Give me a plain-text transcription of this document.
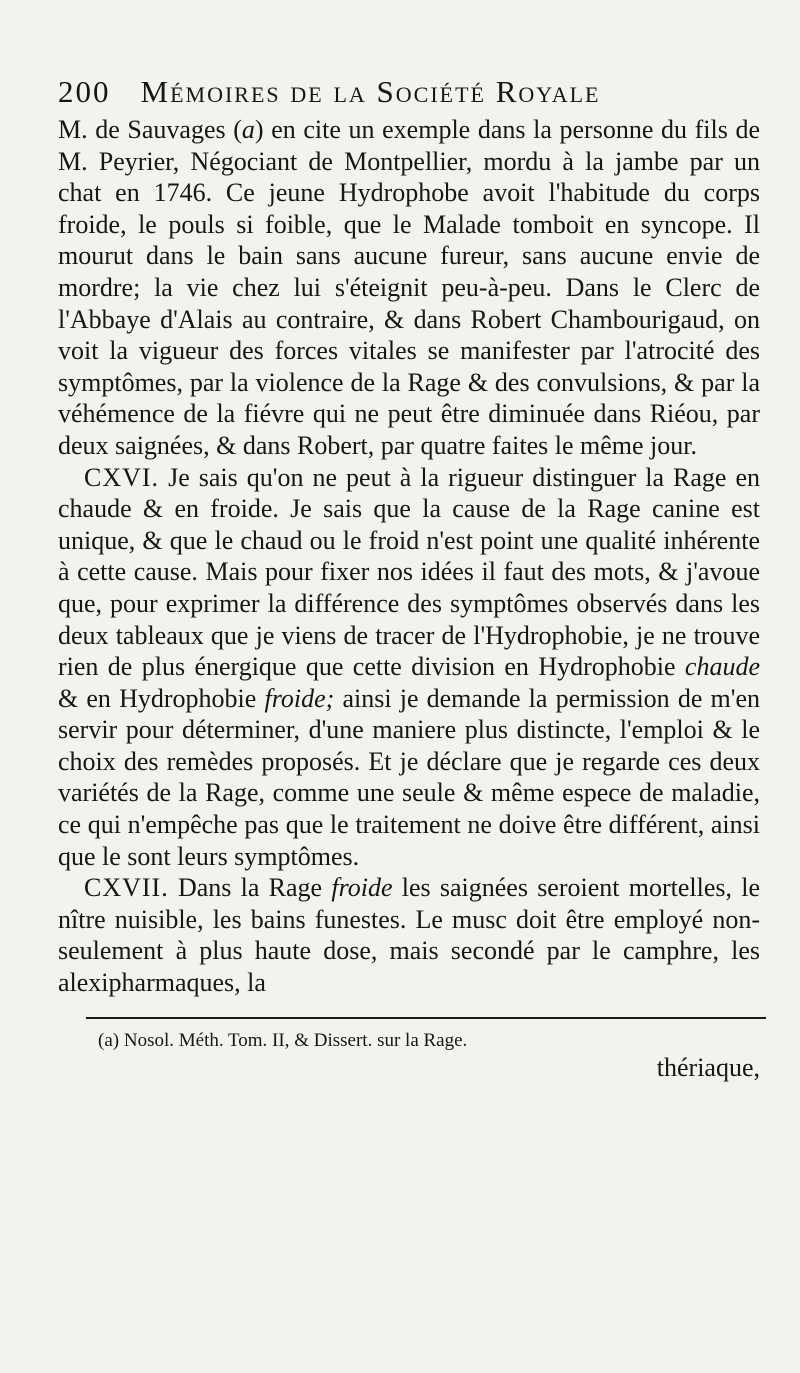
200 Mémoires de la Société Royale

M. de Sauvages (a) en cite un exemple dans la personne du fils de M. Peyrier, Négociant de Montpellier, mordu à la jambe par un chat en 1746. Ce jeune Hydrophobe avoit l'habitude du corps froide, le pouls si foible, que le Malade tomboit en syncope. Il mourut dans le bain sans aucune fureur, sans aucune envie de mordre; la vie chez lui s'éteignit peu-à-peu. Dans le Clerc de l'Abbaye d'Alais au contraire, & dans Robert Chambourigaud, on voit la vigueur des forces vitales se manifester par l'atrocité des symptômes, par la violence de la Rage & des convulsions, & par la véhémence de la fiévre qui ne peut être diminuée dans Riéou, par deux saignées, & dans Robert, par quatre faites le même jour.

CXVI. Je sais qu'on ne peut à la rigueur distinguer la Rage en chaude & en froide. Je sais que la cause de la Rage canine est unique, & que le chaud ou le froid n'est point une qualité inhérente à cette cause. Mais pour fixer nos idées il faut des mots, & j'avoue que, pour exprimer la différence des symptômes observés dans les deux tableaux que je viens de tracer de l'Hydrophobie, je ne trouve rien de plus énergique que cette division en Hydrophobie chaude & en Hydrophobie froide; ainsi je demande la permission de m'en servir pour déterminer, d'une maniere plus distincte, l'emploi & le choix des remèdes proposés. Et je déclare que je regarde ces deux variétés de la Rage, comme une seule & même espece de maladie, ce qui n'empêche pas que le traitement ne doive être différent, ainsi que le sont leurs symptômes.

CXVII. Dans la Rage froide les saignées seroient mortelles, le nître nuisible, les bains funestes. Le musc doit être employé non-seulement à plus haute dose, mais secondé par le camphre, les alexipharmaques, la

(a) Nosol. Méth. Tom. II, & Dissert. sur la Rage.

thériaque,
